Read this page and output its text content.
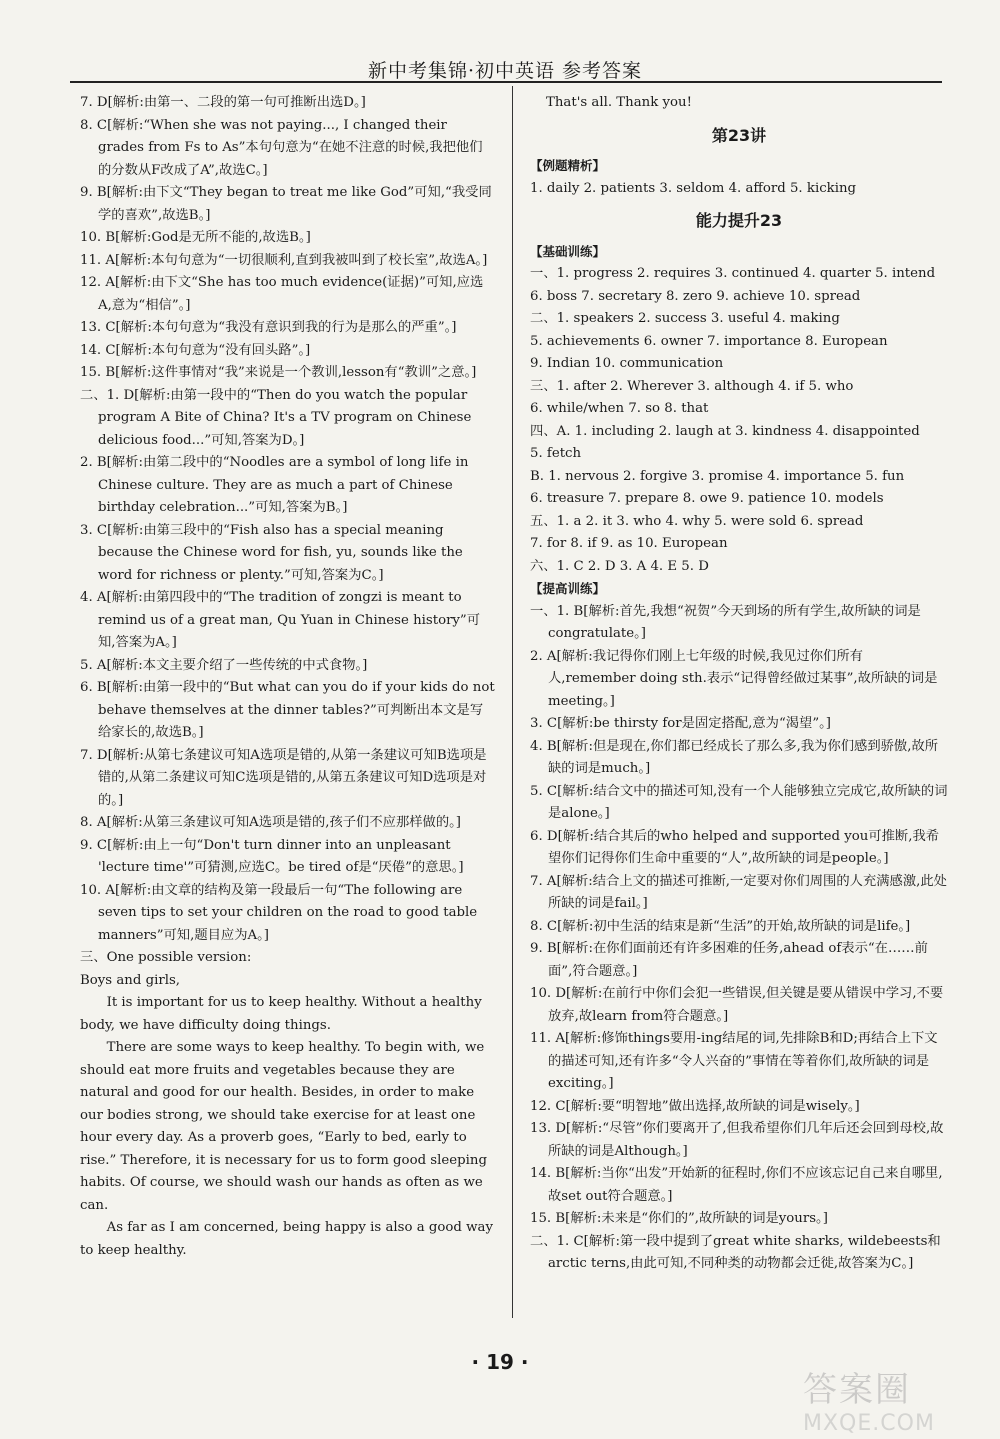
新中考集锦·初中英语 参考答案

7. D[解析:由第一、二段的第一句可推断出选D。]

8. C[解析:“When she was not paying..., I changed their grades from Fs to As”本句句意为“在她不注意的时候,我把他们的分数从F改成了A”,故选C。]

9. B[解析:由下文“They began to treat me like God”可知,“我受同学的喜欢”,故选B。]

10. B[解析:God是无所不能的,故选B。]

11. A[解析:本句句意为“一切很顺利,直到我被叫到了校长室”,故选A。]

12. A[解析:由下文“She has too much evidence(证据)”可知,应选A,意为“相信”。]

13. C[解析:本句句意为“我没有意识到我的行为是那么的严重”。]

14. C[解析:本句句意为“没有回头路”。]

15. B[解析:这件事情对“我”来说是一个教训,lesson有“教训”之意。]

二、1. D[解析:由第一段中的“Then do you watch the popular program A Bite of China? It's a TV program on Chinese delicious food...”可知,答案为D。]

2. B[解析:由第二段中的“Noodles are a symbol of long life in Chinese culture. They are as much a part of Chinese birthday celebration...”可知,答案为B。]

3. C[解析:由第三段中的“Fish also has a special meaning because the Chinese word for fish, yu, sounds like the word for richness or plenty.”可知,答案为C。]

4. A[解析:由第四段中的“The tradition of zongzi is meant to remind us of a great man, Qu Yuan in Chinese history”可知,答案为A。]

5. A[解析:本文主要介绍了一些传统的中式食物。]

6. B[解析:由第一段中的“But what can you do if your kids do not behave themselves at the dinner tables?”可判断出本文是写给家长的,故选B。]

7. D[解析:从第七条建议可知A选项是错的,从第一条建议可知B选项是错的,从第二条建议可知C选项是错的,从第五条建议可知D选项是对的。]

8. A[解析:从第三条建议可知A选项是错的,孩子们不应那样做的。]

9. C[解析:由上一句“Don't turn dinner into an unpleasant 'lecture time'”可猜测,应选C。be tired of是“厌倦”的意思。]

10. A[解析:由文章的结构及第一段最后一句“The following are seven tips to set your children on the road to good table manners”可知,题目应为A。]

三、One possible version:

Boys and girls,

It is important for us to keep healthy. Without a healthy body, we have difficulty doing things.

There are some ways to keep healthy. To begin with, we should eat more fruits and vegetables because they are natural and good for our health. Besides, in order to make our bodies strong, we should take exercise for at least one hour every day. As a proverb goes, “Early to bed, early to rise.” Therefore, it is necessary for us to form good sleeping habits. Of course, we should wash our hands as often as we can.

As far as I am concerned, being happy is also a good way to keep healthy.

That's all. Thank you!

第23讲

【例题精析】

1. daily 2. patients 3. seldom 4. afford 5. kicking

能力提升23

【基础训练】

一、1. progress 2. requires 3. continued 4. quarter 5. intend

6. boss 7. secretary 8. zero 9. achieve 10. spread

二、1. speakers 2. success 3. useful 4. making

5. achievements 6. owner 7. importance 8. European

9. Indian 10. communication

三、1. after 2. Wherever 3. although 4. if 5. who

6. while/when 7. so 8. that

四、A. 1. including 2. laugh at 3. kindness 4. disappointed

5. fetch

B. 1. nervous 2. forgive 3. promise 4. importance 5. fun

6. treasure 7. prepare 8. owe 9. patience 10. models

五、1. a 2. it 3. who 4. why 5. were sold 6. spread

7. for 8. if 9. as 10. European

六、1. C 2. D 3. A 4. E 5. D

【提高训练】

一、1. B[解析:首先,我想“祝贺”今天到场的所有学生,故所缺的词是congratulate。]

2. A[解析:我记得你们刚上七年级的时候,我见过你们所有人,remember doing sth.表示“记得曾经做过某事”,故所缺的词是meeting。]

3. C[解析:be thirsty for是固定搭配,意为“渴望”。]

4. B[解析:但是现在,你们都已经成长了那么多,我为你们感到骄傲,故所缺的词是much。]

5. C[解析:结合文中的描述可知,没有一个人能够独立完成它,故所缺的词是alone。]

6. D[解析:结合其后的who helped and supported you可推断,我希望你们记得你们生命中重要的“人”,故所缺的词是people。]

7. A[解析:结合上文的描述可推断,一定要对你们周围的人充满感激,此处所缺的词是fail。]

8. C[解析:初中生活的结束是新“生活”的开始,故所缺的词是life。]

9. B[解析:在你们面前还有许多困难的任务,ahead of表示“在……前面”,符合题意。]

10. D[解析:在前行中你们会犯一些错误,但关键是要从错误中学习,不要放弃,故learn from符合题意。]

11. A[解析:修饰things要用-ing结尾的词,先排除B和D;再结合上下文的描述可知,还有许多“令人兴奋的”事情在等着你们,故所缺的词是exciting。]

12. C[解析:要“明智地”做出选择,故所缺的词是wisely。]

13. D[解析:“尽管”你们要离开了,但我希望你们几年后还会回到母校,故所缺的词是Although。]

14. B[解析:当你“出发”开始新的征程时,你们不应该忘记自己来自哪里,故set out符合题意。]

15. B[解析:未来是“你们的”,故所缺的词是yours。]

二、1. C[解析:第一段中提到了great white sharks, wildebeests和arctic terns,由此可知,不同种类的动物都会迁徙,故答案为C。]

· 19 ·
答案圈
MXQE.COM
